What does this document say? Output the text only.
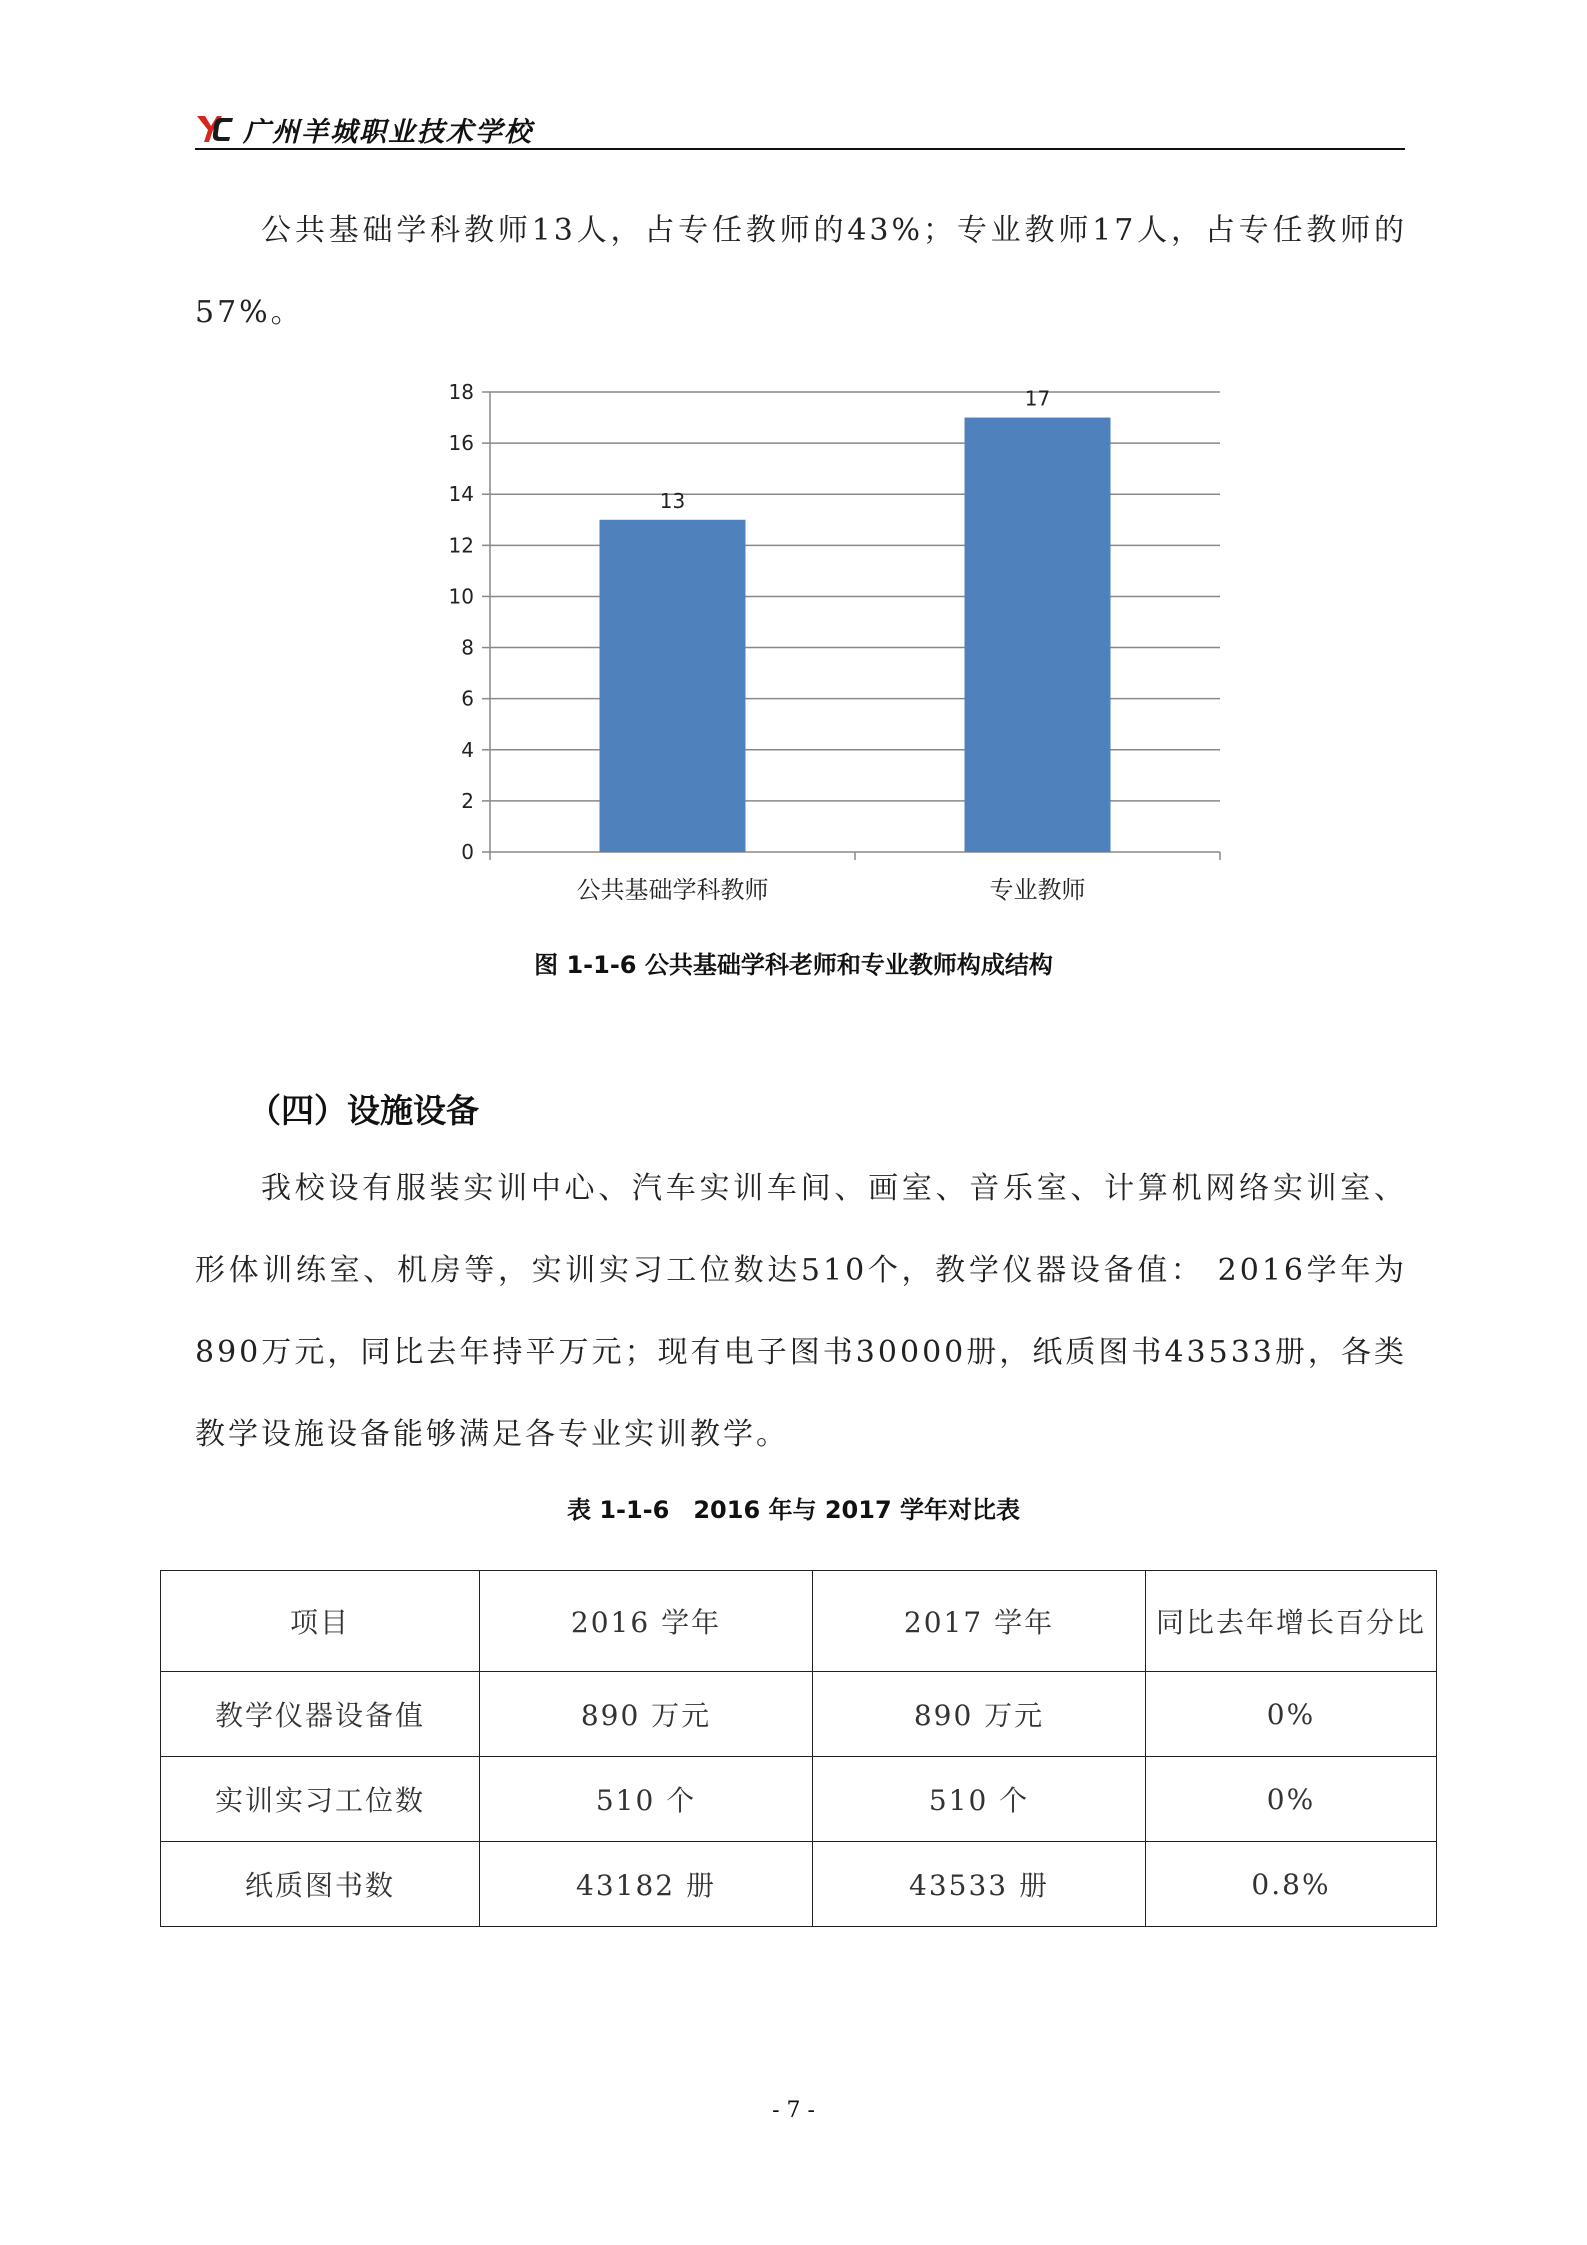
广州羊城职业技术学校

公共基础学科教师13人，占专任教师的43%；专业教师17人，占专任教师的57%。

0
2
4
6
8
10
12
14
16
18
13
公共基础学科教师
17
专业教师
图 1-1-6 公共基础学科老师和专业教师构成结构
（四）设施设备

我校设有服装实训中心、汽车实训车间、画室、音乐室、计算机网络实训室、形体训练室、机房等，实训实习工位数达510个，教学仪器设备值： 2016学年为890万元，同比去年持平万元；现有电子图书30000册，纸质图书43533册，各类教学设施设备能够满足各专业实训教学。

表 1-1-6　2016 年与 2017 学年对比表
项目	2016 学年	2017 学年	同比去年增长百分比
教学仪器设备值	890 万元	890 万元	0%
实训实习工位数	510 个	510 个	0%
纸质图书数	43182 册	43533 册	0.8%
- 7 -
